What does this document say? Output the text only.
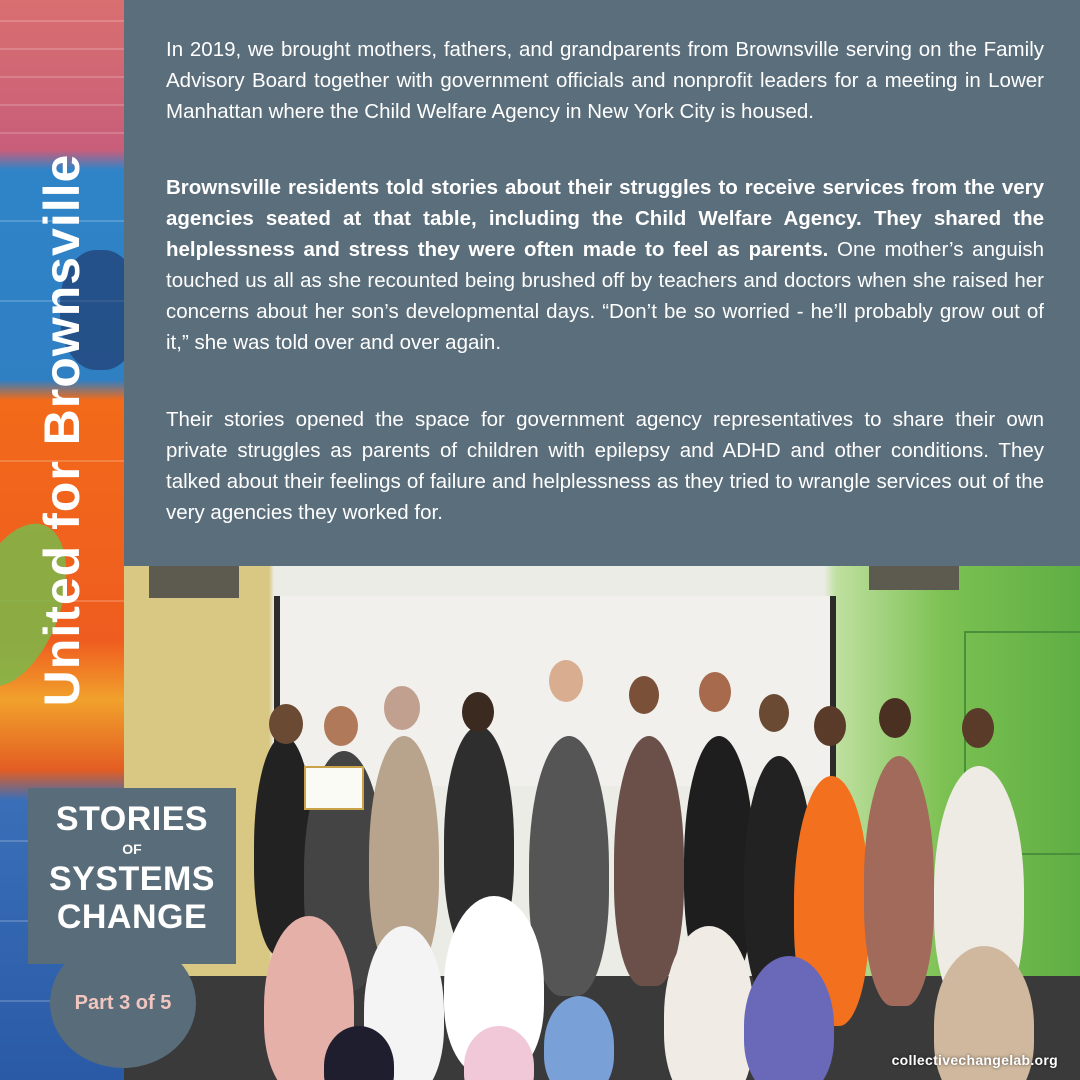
United for Brownsville

In 2019, we brought mothers, fathers, and grandparents from Brownsville serving on the Family Advisory Board together with government officials and nonprofit leaders for a meeting in Lower Manhattan where the Child Welfare Agency in New York City is housed.

Brownsville residents told stories about their struggles to receive services from the very agencies seated at that table, including the Child Welfare Agency. They shared the helplessness and stress they were often made to feel as parents. One mother’s anguish touched us all as she recounted being brushed off by teachers and doctors when she raised her concerns about her son’s developmental days. “Don’t be so worried - he’ll probably grow out of it,” she was told over and over again.

Their stories opened the space for government agency representatives to share their own private struggles as parents of children with epilepsy and ADHD and other conditions. They talked about their feelings of failure and helplessness as they tried to wrangle services out of the very agencies they worked for.

STORIES
OF
SYSTEMS
CHANGE
Part 3 of 5
collectivechangelab.org
